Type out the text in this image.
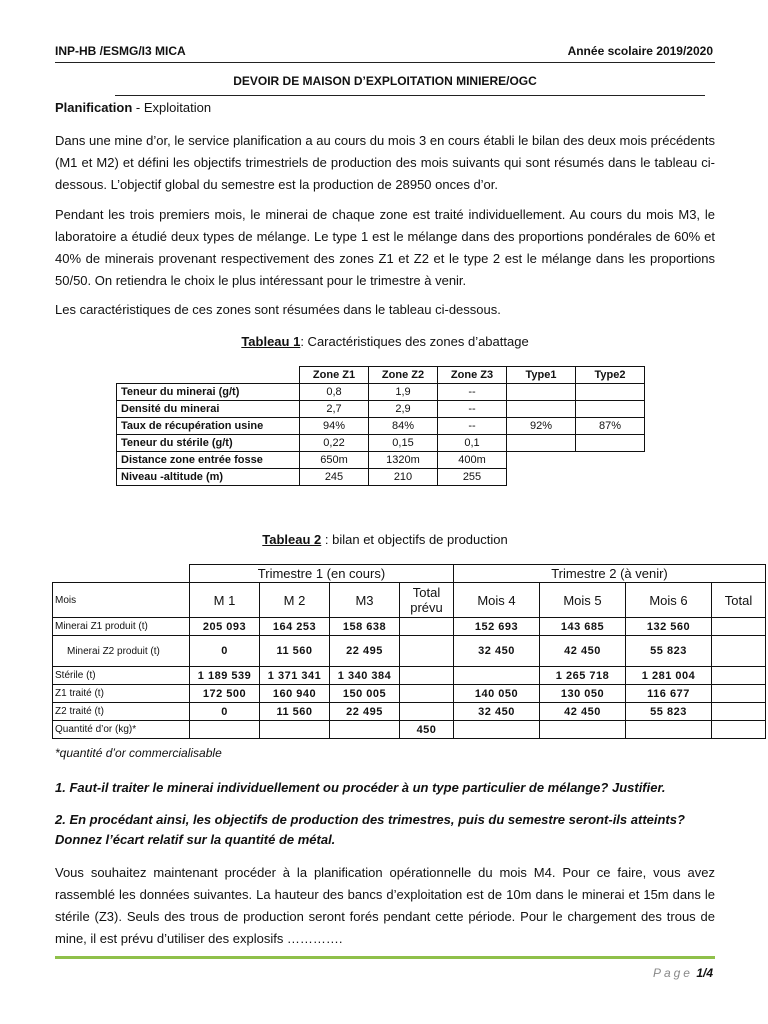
INP-HB /ESMG/I3 MICA	Année scolaire 2019/2020
DEVOIR DE MAISON D’EXPLOITATION MINIERE/OGC
Planification - Exploitation
Dans une mine d’or, le service planification a au cours du mois 3 en cours établi le bilan des deux mois précédents (M1 et M2) et défini les objectifs trimestriels de production des mois suivants qui sont résumés dans le tableau ci-dessous. L’objectif global du semestre est la production de 28950 onces d’or.
Pendant les trois premiers mois, le minerai de chaque zone est traité individuellement. Au cours du mois M3, le laboratoire a étudié deux types de mélange. Le type 1 est le mélange dans des proportions pondérales de 60% et 40% de minerais provenant respectivement des zones Z1 et Z2 et le type 2 est le mélange dans les proportions 50/50. On retiendra le choix le plus intéressant pour le trimestre à venir.
Les caractéristiques de ces zones sont résumées dans le tableau ci-dessous.
Tableau 1: Caractéristiques des zones d’abattage
	Zone Z1	Zone Z2	Zone Z3	Type1	Type2
Teneur du minerai (g/t)	0,8	1,9	--		
Densité du minerai	2,7	2,9	--		
Taux de récupération usine	94%	84%	--	92%	87%
Teneur du stérile (g/t)	0,22	0,15	0,1		
Distance zone entrée fosse	650m	1320m	400m		
Niveau -altitude (m)	245	210	255		
Tableau 2 : bilan et objectifs de production
	Trimestre 1 (en cours)				Trimestre 2 (à venir)			
Mois	M 1	M 2	M3	Total prévu	Mois 4	Mois 5	Mois 6	Total
Minerai Z1 produit (t)	205 093	164 253	158 638		152 693	143 685	132 560	
Minerai Z2 produit (t)	0	11 560	22 495		32 450	42 450	55 823	
Stérile (t)	1 189 539	1 371 341	1 340 384			1 265 718	1 281 004	
Z1 traité (t)	172 500	160 940	150 005		140 050	130 050	116 677	
Z2 traité (t)	0	11 560	22 495		32 450	42 450	55 823	
Quantité d’or (kg)*				450				
*quantité d’or commercialisable
1. Faut-il traiter le minerai individuellement ou procéder à un type particulier de mélange? Justifier.
2. En procédant ainsi, les objectifs de production des trimestres, puis du semestre seront-ils atteints? Donnez l’écart relatif sur la quantité de métal.
Vous souhaitez maintenant procéder à la planification opérationnelle du mois M4. Pour ce faire, vous avez rassemblé les données suivantes. La hauteur des bancs d’exploitation est de 10m dans le minerai et 15m dans le stérile (Z3). Seuls des trous de production seront forés pendant cette période. Pour le chargement des trous de mine, il est prévu d’utiliser des explosifs ………….
Page 1/4
